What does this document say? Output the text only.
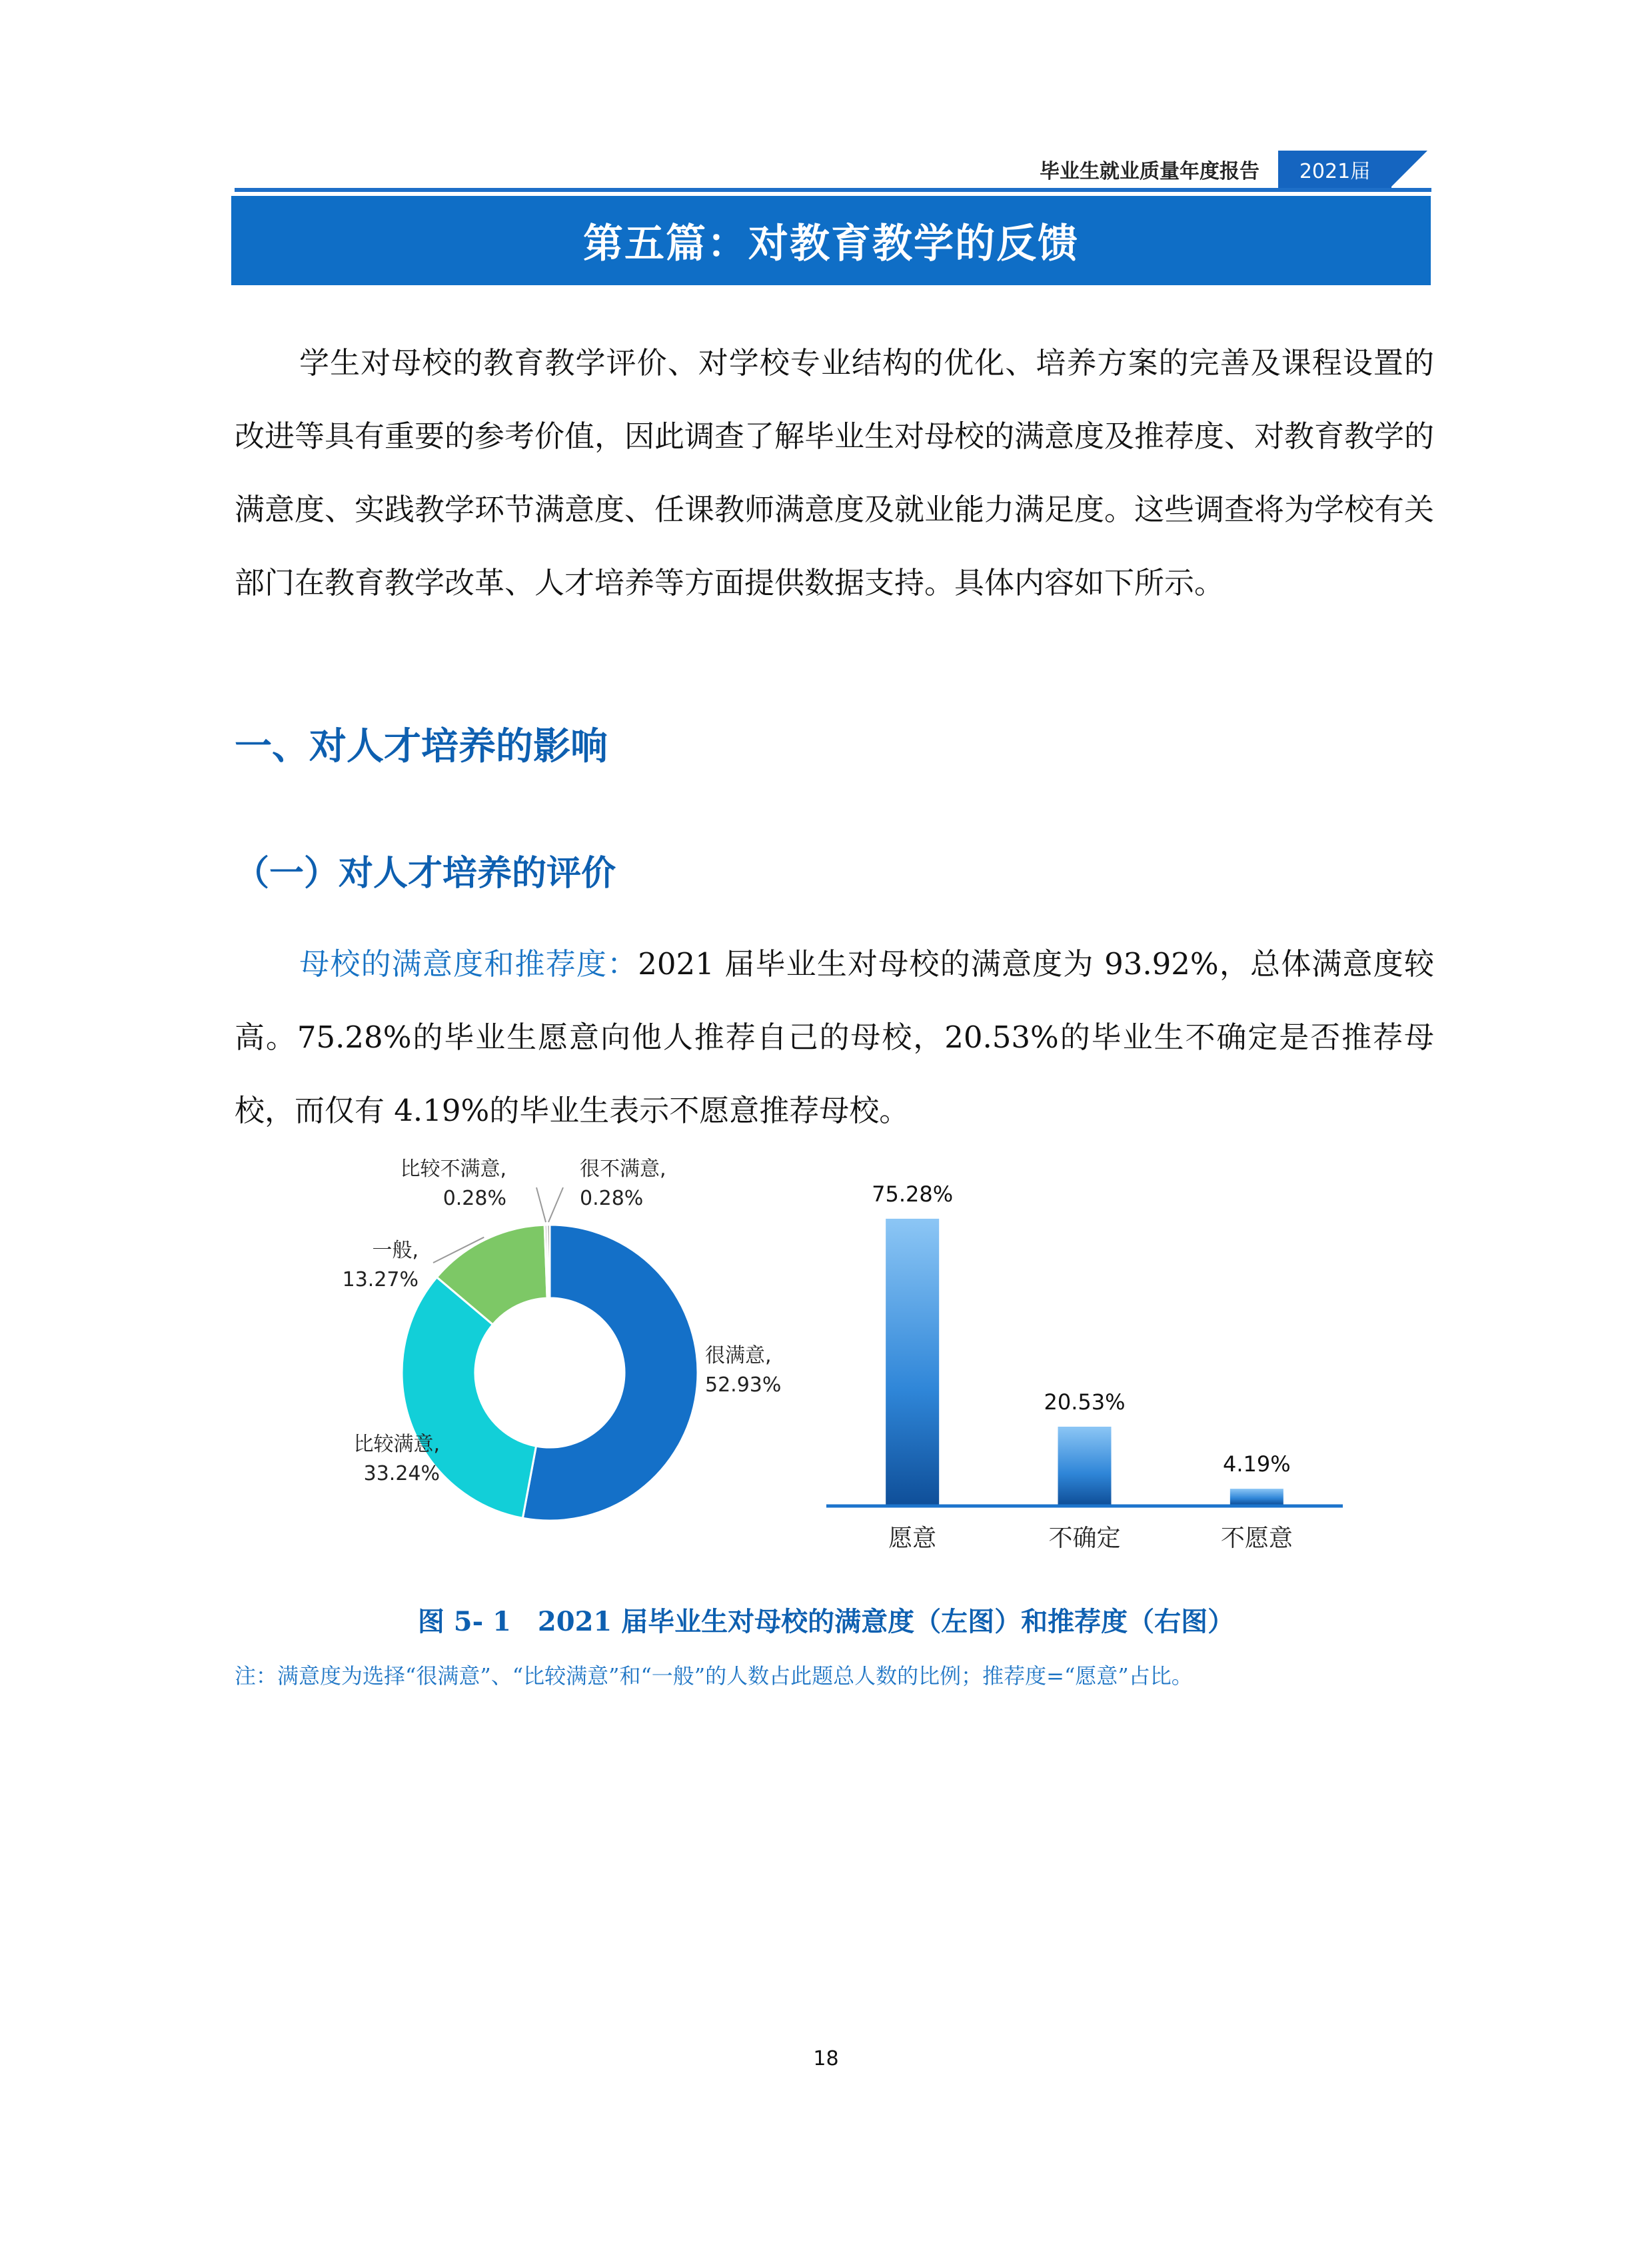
毕业生就业质量年度报告	2021届
第五篇：对教育教学的反馈

学生对母校的教育教学评价、对学校专业结构的优化、培养方案的完善及课程设置的改进等具有重要的参考价值，因此调查了解毕业生对母校的满意度及推荐度、对教育教学的满意度、实践教学环节满意度、任课教师满意度及就业能力满足度。这些调查将为学校有关部门在教育教学改革、人才培养等方面提供数据支持。具体内容如下所示。

一、对人才培养的影响
（一）对人才培养的评价

母校的满意度和推荐度：2021 届毕业生对母校的满意度为 93.92%，总体满意度较高。75.28%的毕业生愿意向他人推荐自己的母校，20.53%的毕业生不确定是否推荐母校，而仅有 4.19%的毕业生表示不愿意推荐母校。

很满意, 52.93%
比较满意, 33.24%
一般, 13.27%
比较不满意, 0.28%
很不满意, 0.28%	75.28%
愿意
20.53%
不确定
4.19%
不愿意
图 5- 1　2021 届毕业生对母校的满意度（左图）和推荐度（右图）
注：满意度为选择“很满意”、“比较满意”和“一般”的人数占此题总人数的比例；推荐度=“愿意”占比。
18
